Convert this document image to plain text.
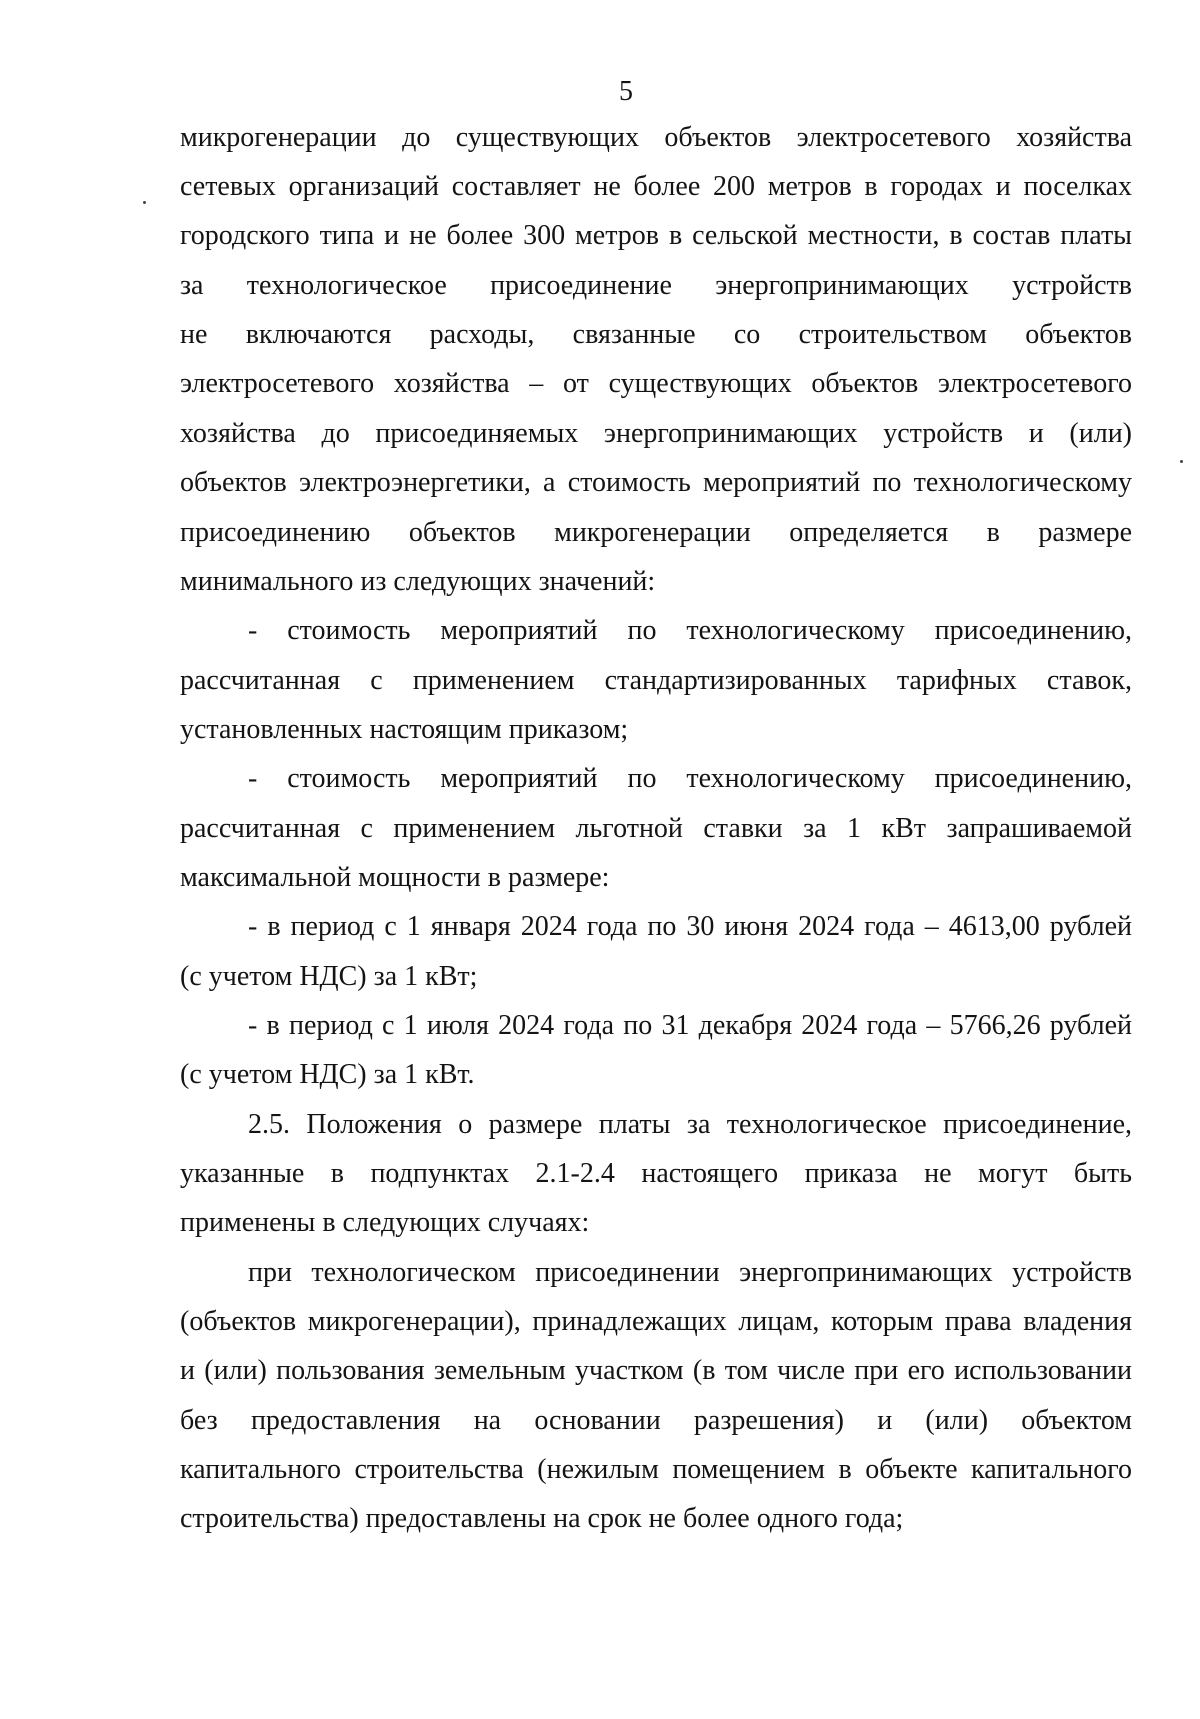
5
микрогенерации до существующих объектов электросетевого хозяйства
сетевых организаций составляет не более 200 метров в городах и поселках
городского типа и не более 300 метров в сельской местности, в состав платы
за технологическое присоединение энергопринимающих устройств
не включаются расходы, связанные со строительством объектов
электросетевого хозяйства – от существующих объектов электросетевого
хозяйства до присоединяемых энергопринимающих устройств и (или)
объектов электроэнергетики, а стоимость мероприятий по технологическому
присоединению объектов микрогенерации определяется в размере
минимального из следующих значений:
- стоимость мероприятий по технологическому присоединению,
рассчитанная с применением стандартизированных тарифных ставок,
установленных настоящим приказом;
- стоимость мероприятий по технологическому присоединению,
рассчитанная с применением льготной ставки за 1 кВт запрашиваемой
максимальной мощности в размере:
- в период с 1 января 2024 года по 30 июня 2024 года – 4613,00 рублей
(с учетом НДС) за 1 кВт;
- в период с 1 июля 2024 года по 31 декабря 2024 года – 5766,26 рублей
(с учетом НДС) за 1 кВт.
2.5. Положения о размере платы за технологическое присоединение,
указанные в подпунктах 2.1-2.4 настоящего приказа не могут быть
применены в следующих случаях:
при технологическом присоединении энергопринимающих устройств
(объектов микрогенерации), принадлежащих лицам, которым права владения
и (или) пользования земельным участком (в том числе при его использовании
без предоставления на основании разрешения) и (или) объектом
капитального строительства (нежилым помещением в объекте капитального
строительства) предоставлены на срок не более одного года;
